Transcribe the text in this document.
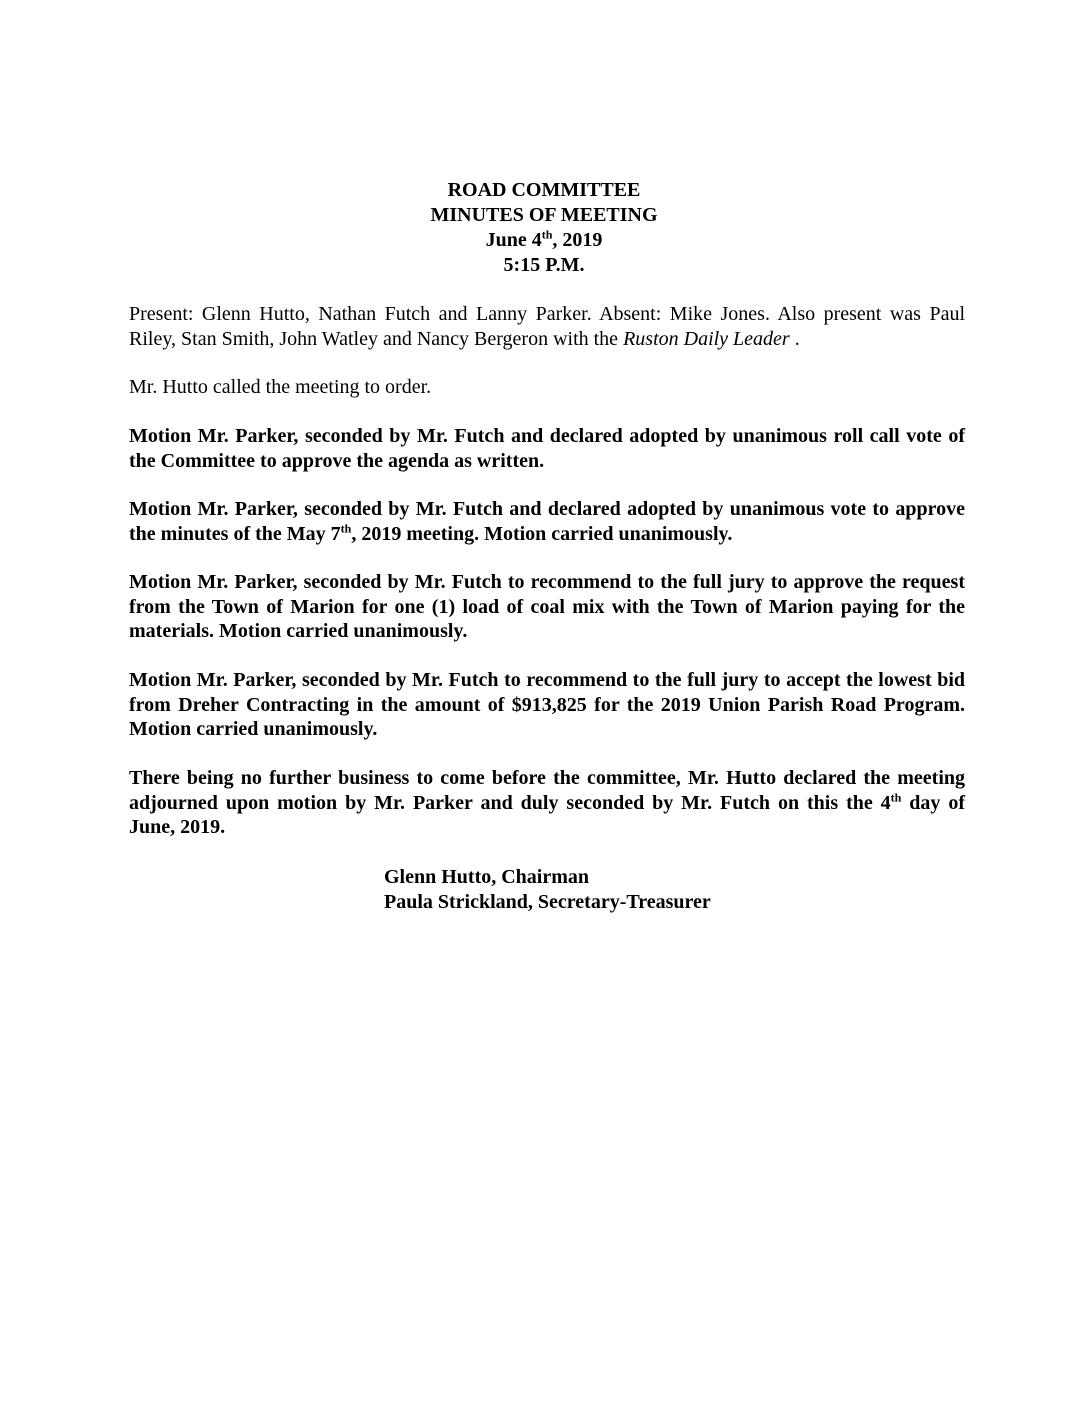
ROAD COMMITTEE
MINUTES OF MEETING
June 4th, 2019
5:15 P.M.
Present: Glenn Hutto, Nathan Futch and Lanny Parker. Absent: Mike Jones. Also present was Paul Riley, Stan Smith, John Watley and Nancy Bergeron with the Ruston Daily Leader .
Mr. Hutto called the meeting to order.
Motion Mr. Parker, seconded by Mr. Futch and declared adopted by unanimous roll call vote of the Committee to approve the agenda as written.
Motion Mr. Parker, seconded by Mr. Futch and declared adopted by unanimous vote to approve the minutes of the May 7th, 2019 meeting. Motion carried unanimously.
Motion Mr. Parker, seconded by Mr. Futch to recommend to the full jury to approve the request from the Town of Marion for one (1) load of coal mix with the Town of Marion paying for the materials. Motion carried unanimously.
Motion Mr. Parker, seconded by Mr. Futch to recommend to the full jury to accept the lowest bid from Dreher Contracting in the amount of $913,825 for the 2019 Union Parish Road Program. Motion carried unanimously.
There being no further business to come before the committee, Mr. Hutto declared the meeting adjourned upon motion by Mr. Parker and duly seconded by Mr. Futch on this the 4th day of June, 2019.
Glenn Hutto, Chairman
Paula Strickland, Secretary-Treasurer
